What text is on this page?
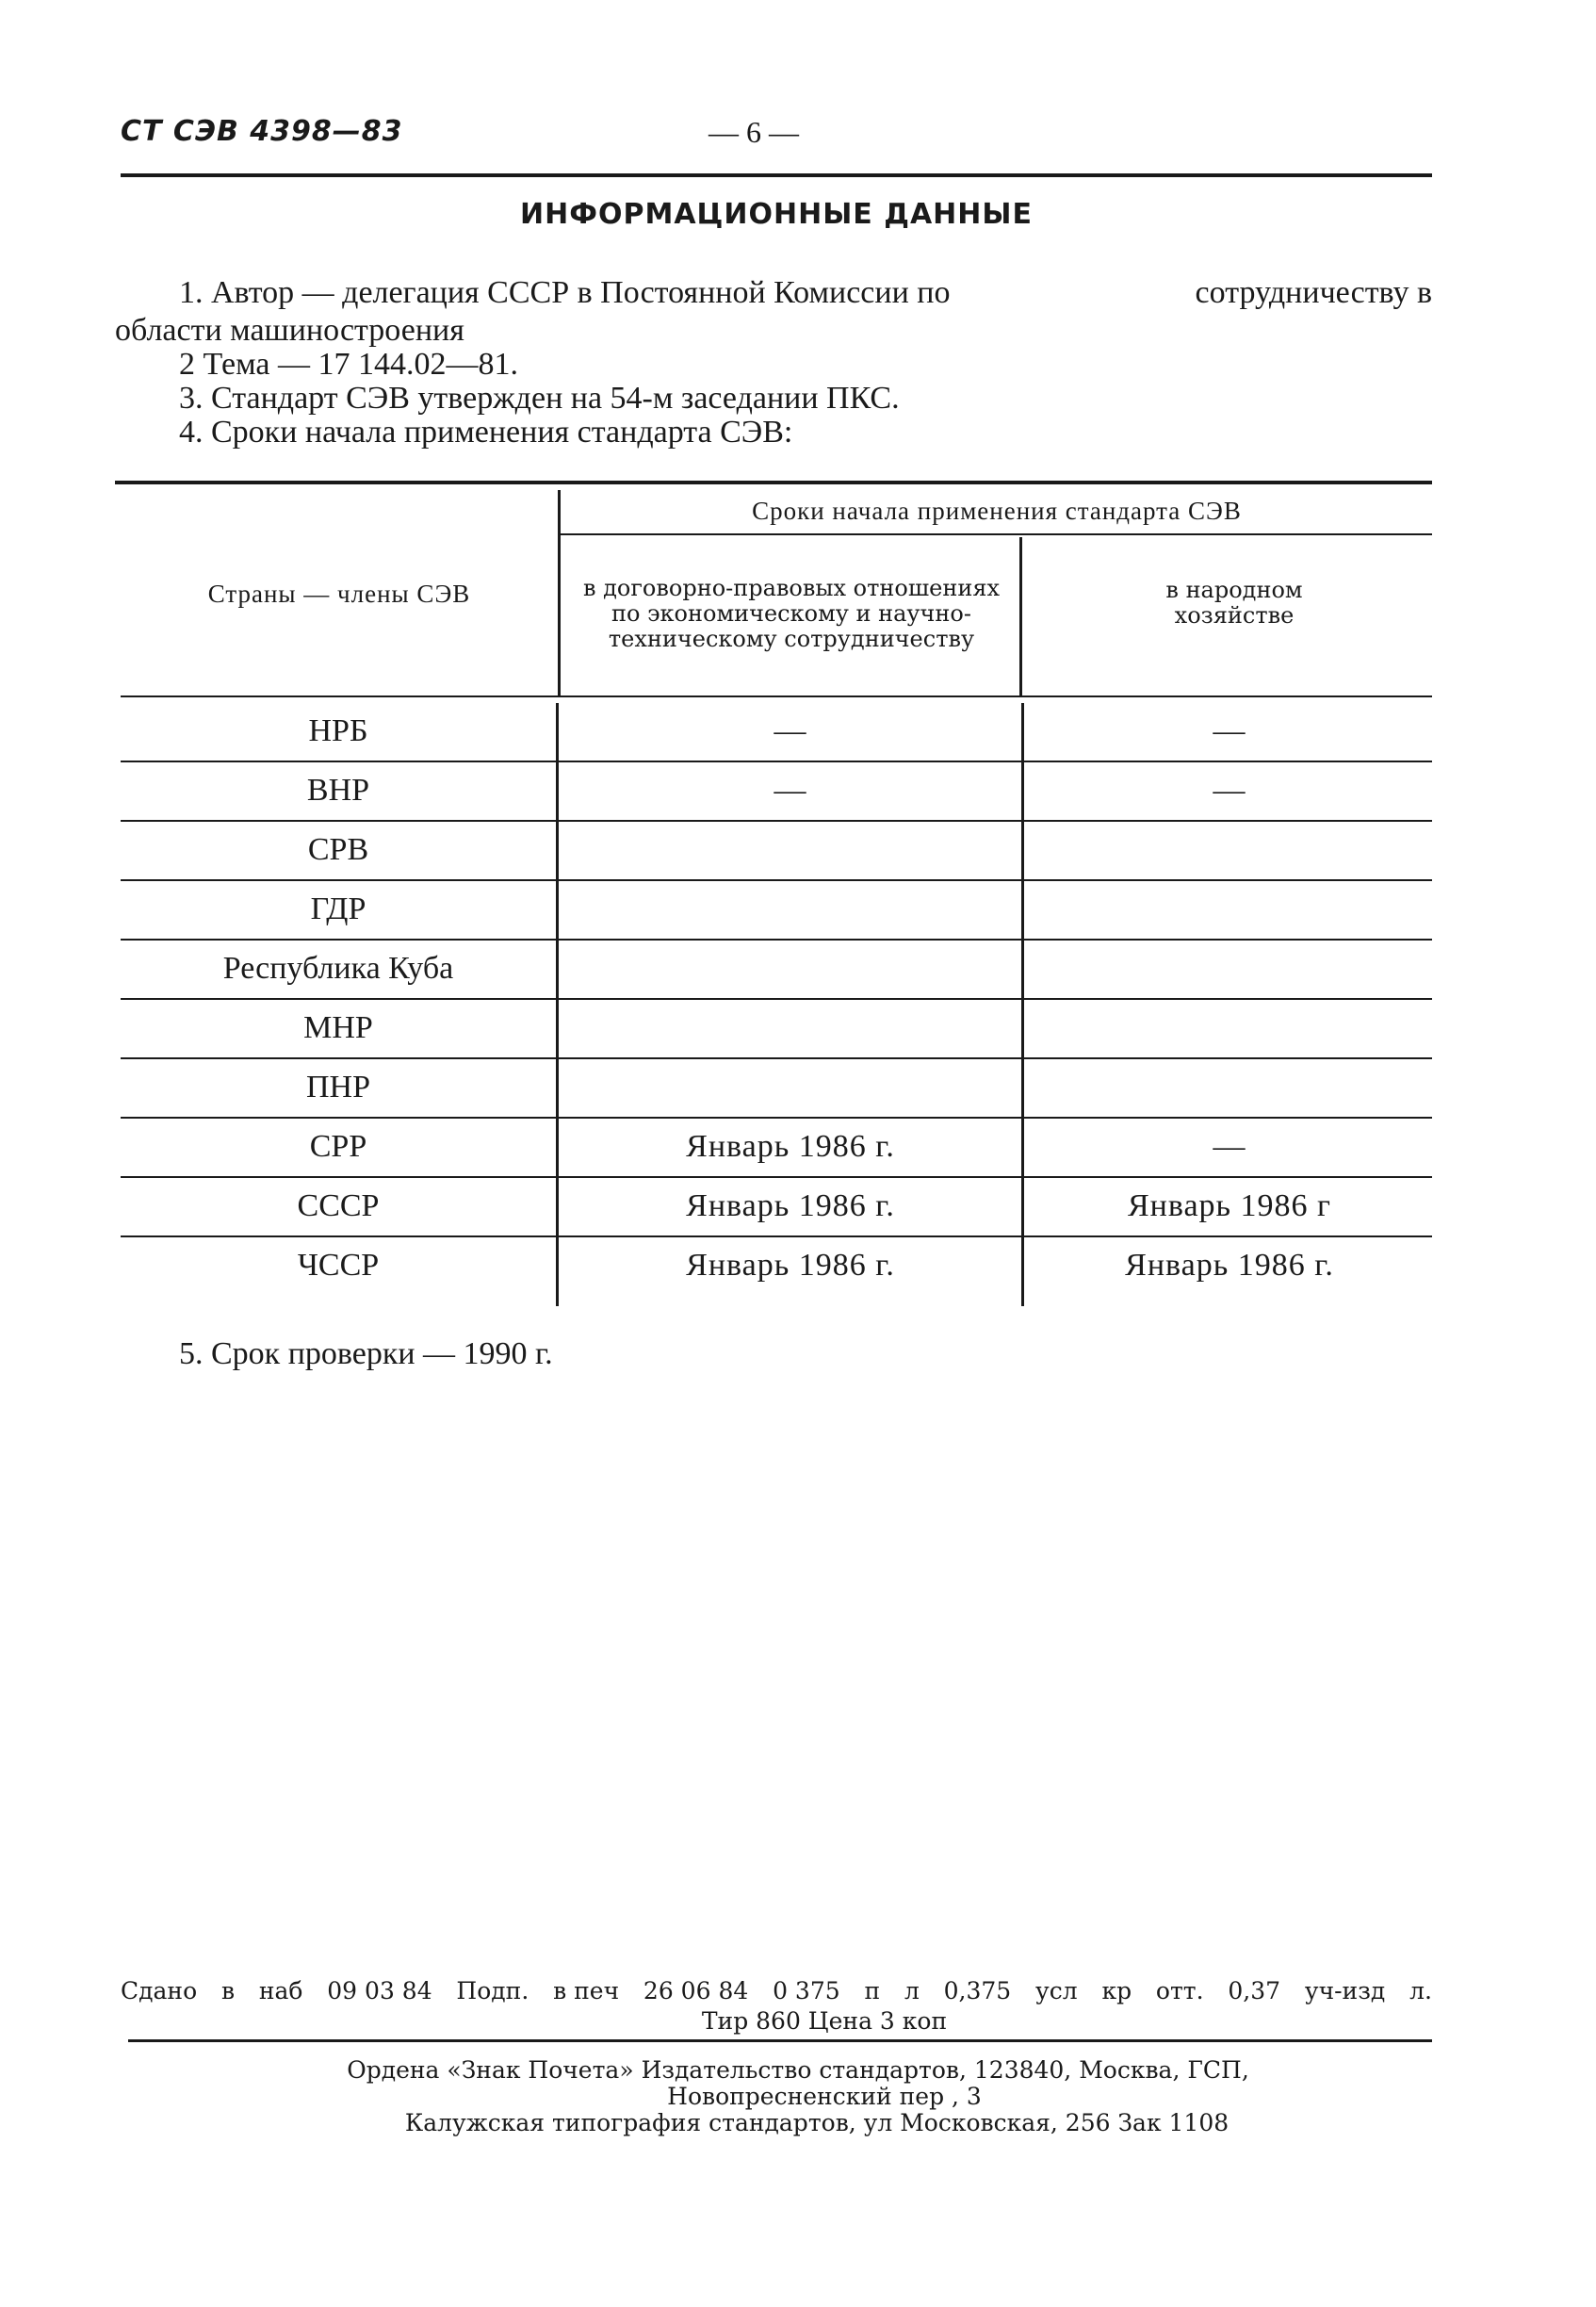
СТ СЭВ 4398—83	— 6 —
ИНФОРМАЦИОННЫЕ ДАННЫЕ
1. Автор — делегация СССР в Постоянной Комиссии по	сотрудничеству в
области машиностроения
2 Тема — 17 144.02—81.
3. Стандарт СЭВ утвержден на 54-м заседании ПКС.
4. Сроки начала применения стандарта СЭВ:
Сроки начала применения стандарта СЭВ
Страны — члены СЭВ	в договорно-правовых отношениях по экономическому и научно-техническому сотрудничеству
в народном хозяйстве
НРБ	—	—
ВНР	—	—
СРВ
ГДР
Республика Куба
МНР
ПНР
СРР	Январь 1986 г.	—
СССР	Январь 1986 г.	Январь 1986 г
ЧССР	Январь 1986 г.	Январь 1986 г.
5. Срок проверки — 1990 г.
Сдано в наб 09 03 84 Подп. в печ 26 06 84 0 375 п л 0,375 усл кр отт. 0,37 уч-изд л.
Тир 860 Цена 3 коп
Ордена «Знак Почета» Издательство стандартов, 123840, Москва, ГСП,
Новопресненский пер , 3
Калужская типография стандартов, ул Московская, 256 Зак 1108
